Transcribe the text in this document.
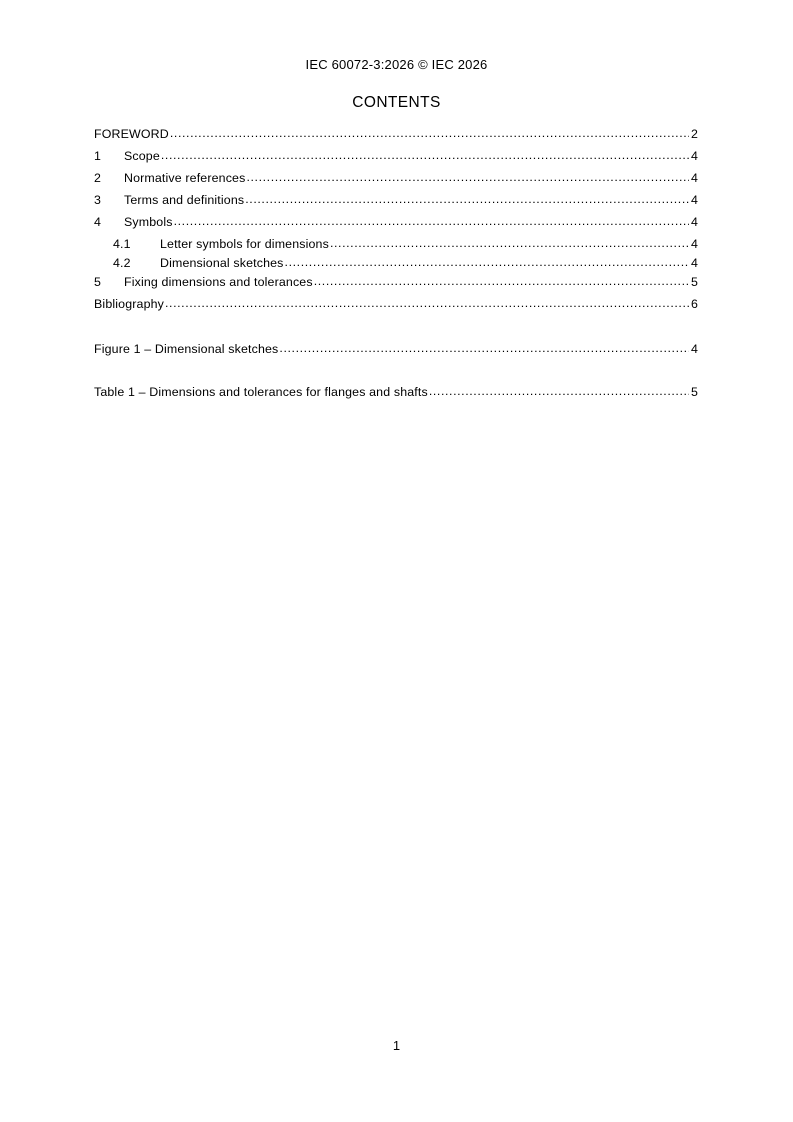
IEC 60072-3:2026 © IEC 2026
CONTENTS
FOREWORD .....	2
1	Scope .....	4
2	Normative references .....	4
3	Terms and definitions .....	4
4	Symbols .....	4
4.1	Letter symbols for dimensions .....	4
4.2	Dimensional sketches .....	4
5	Fixing dimensions and tolerances .....	5
Bibliography .....	6
Figure 1 – Dimensional sketches .....	4
Table 1 – Dimensions and tolerances for flanges and shafts .....	5
1
